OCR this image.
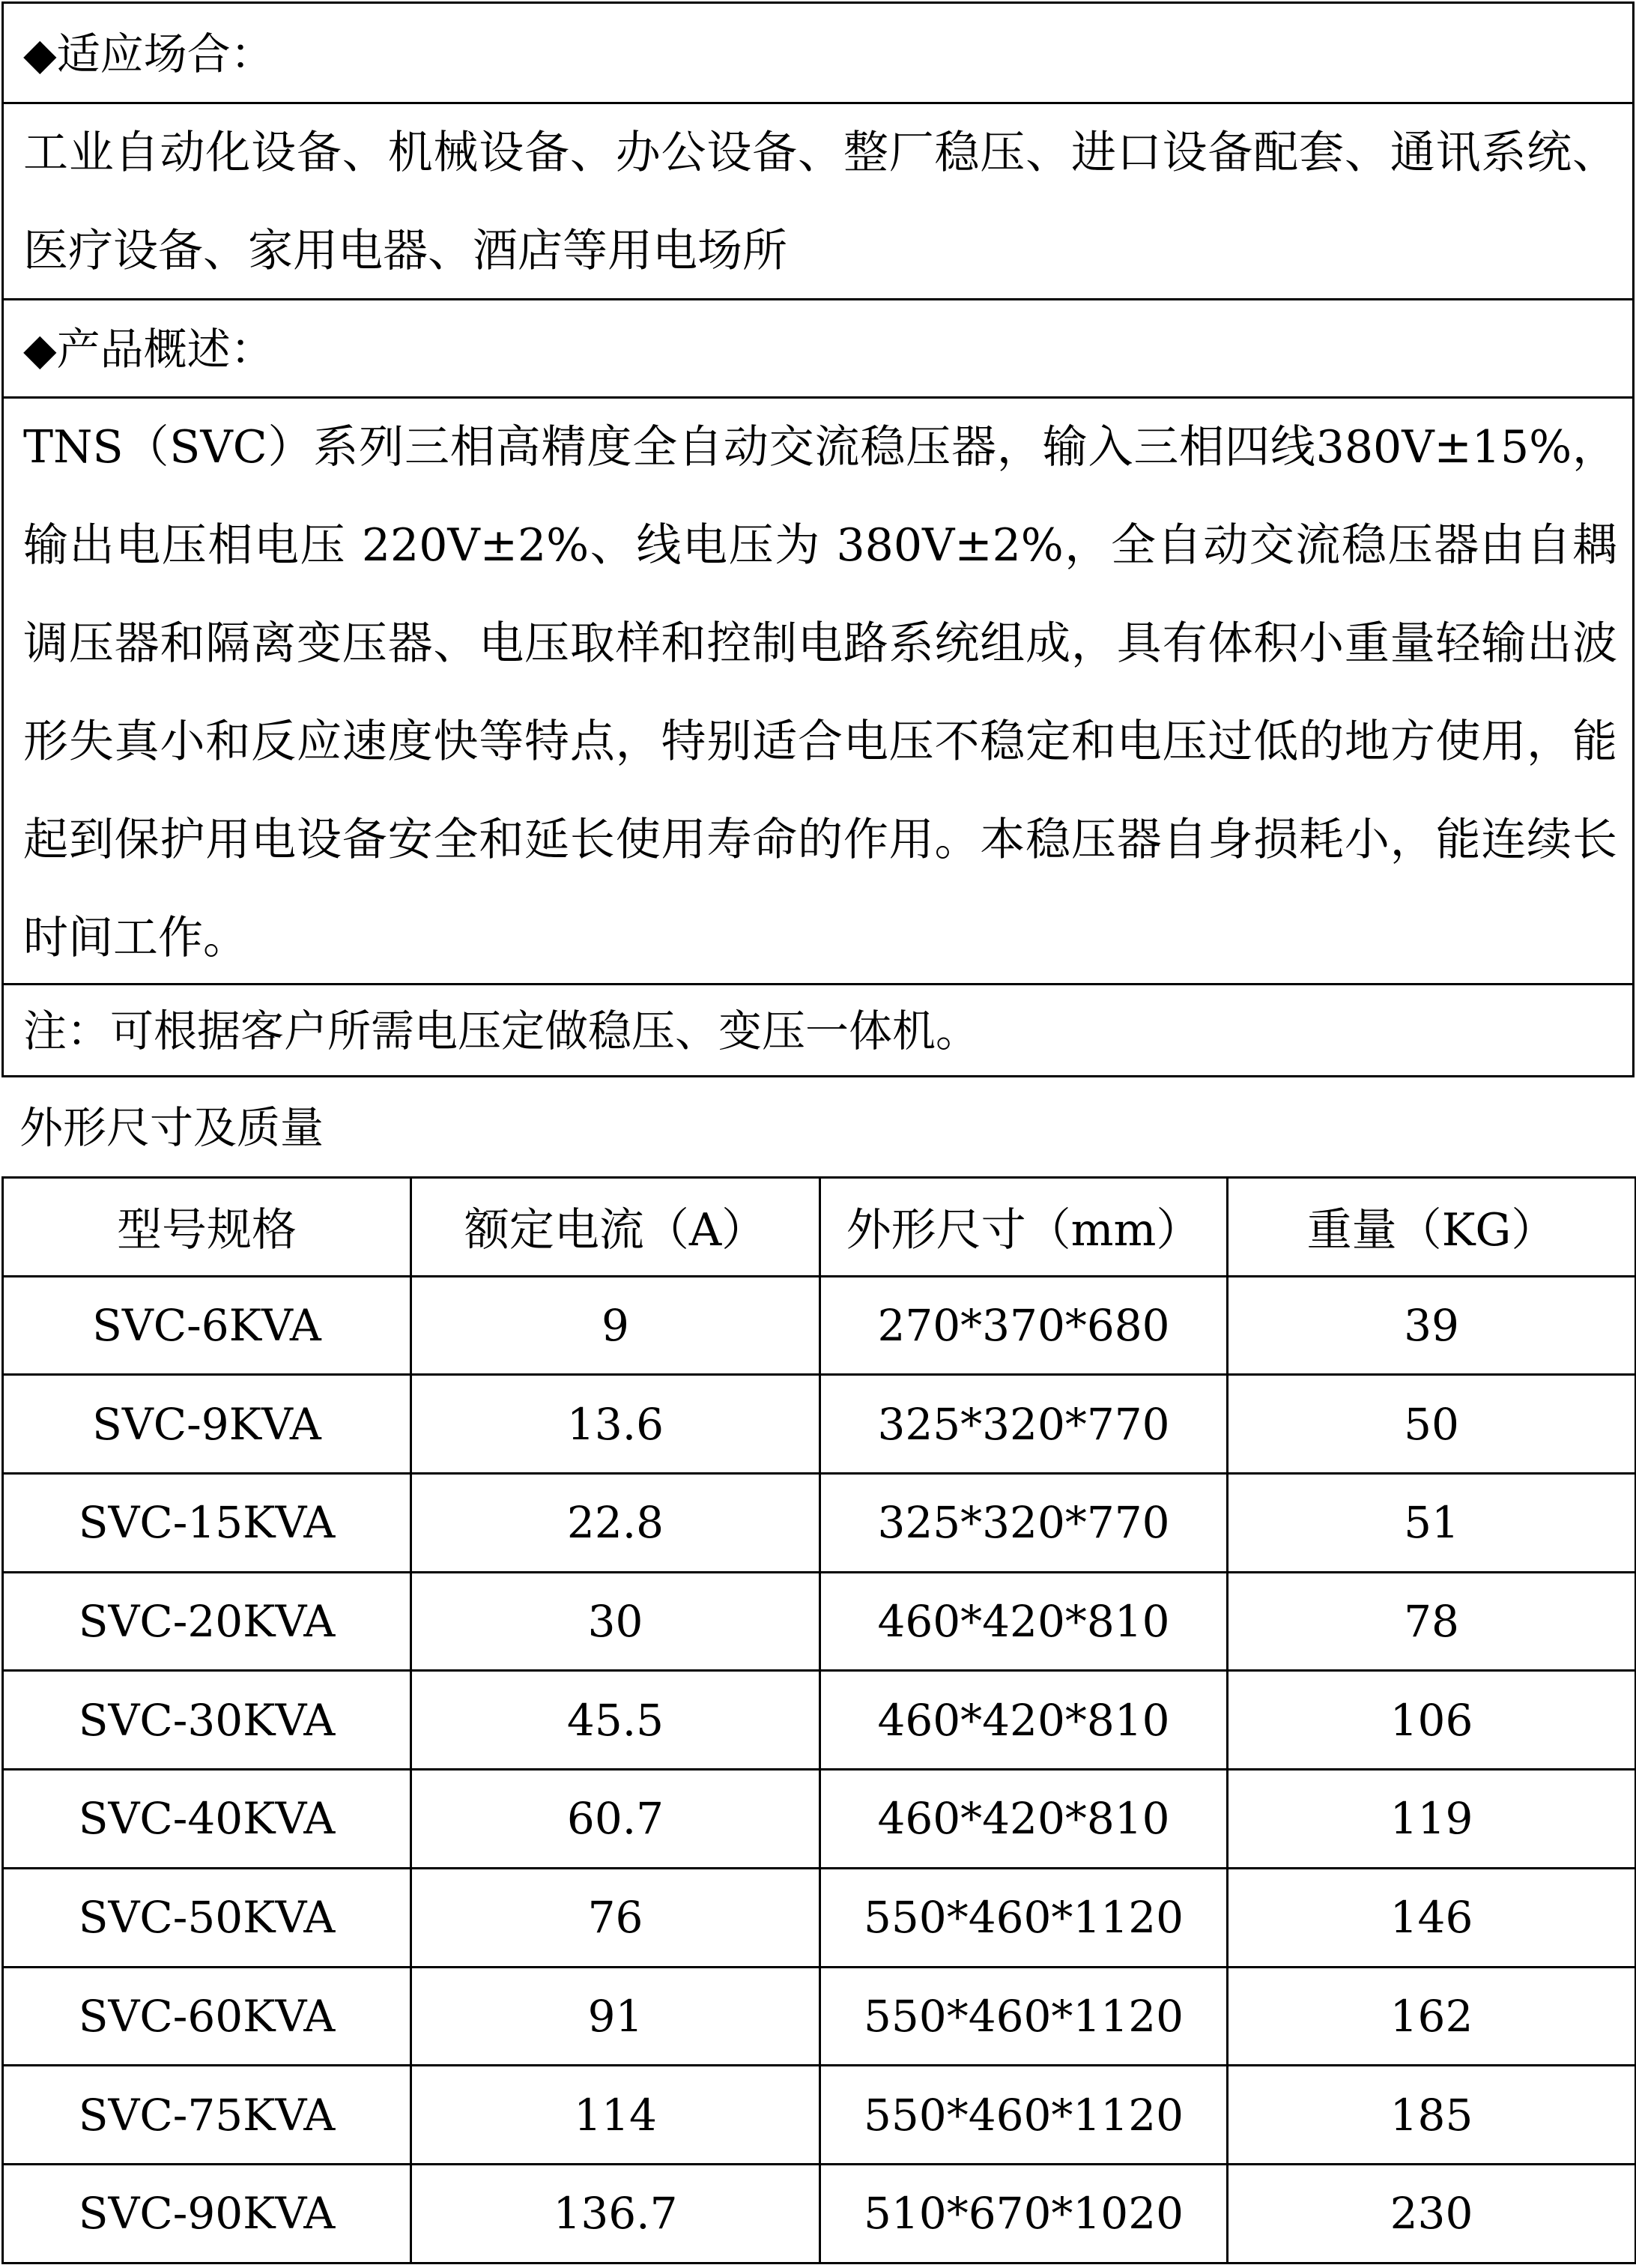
◆适应场合：
工业自动化设备、机械设备、办公设备、整厂稳压、进口设备配套、通讯系统、医疗设备、家用电器、酒店等用电场所
◆产品概述：
TNS（SVC）系列三相高精度全自动交流稳压器，输入三相四线380V±15%，输出电压相电压 220V±2%、线电压为 380V±2%，全自动交流稳压器由自耦调压器和隔离变压器、电压取样和控制电路系统组成，具有体积小重量轻输出波形失真小和反应速度快等特点，特别适合电压不稳定和电压过低的地方使用，能起到保护用电设备安全和延长使用寿命的作用。本稳压器自身损耗小，能连续长时间工作。
注：可根据客户所需电压定做稳压、变压一体机。
外形尺寸及质量
型号规格	额定电流（A）	外形尺寸（mm）	重量（KG）
SVC-6KVA	9	270*370*680	39
SVC-9KVA	13.6	325*320*770	50
SVC-15KVA	22.8	325*320*770	51
SVC-20KVA	30	460*420*810	78
SVC-30KVA	45.5	460*420*810	106
SVC-40KVA	60.7	460*420*810	119
SVC-50KVA	76	550*460*1120	146
SVC-60KVA	91	550*460*1120	162
SVC-75KVA	114	550*460*1120	185
SVC-90KVA	136.7	510*670*1020	230
